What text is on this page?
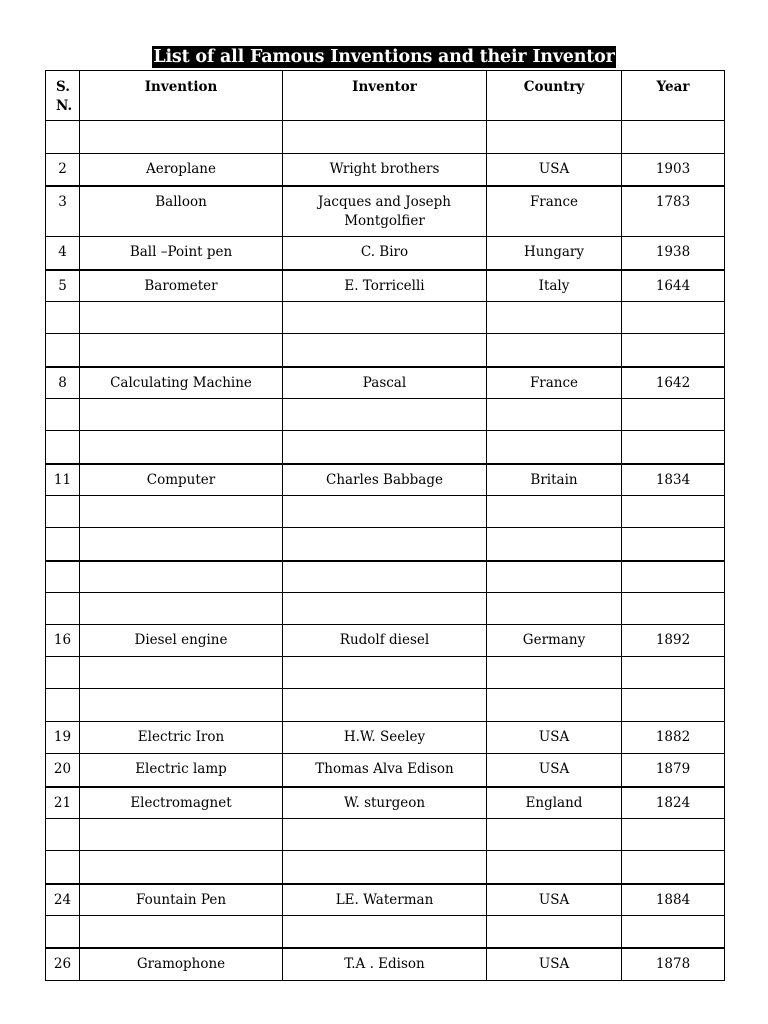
List of all Famous Inventions and their Inventor
S. N.	Invention	Inventor	Country	Year

2	Aeroplane	Wright brothers	USA	1903
3	Balloon	Jacques and Joseph Montgolfier	France	1783
4	Ball –Point pen	C. Biro	Hungary	1938
5	Barometer	E. Torricelli	Italy	1644

8	Calculating Machine	Pascal	France	1642

11	Computer	Charles Babbage	Britain	1834

16	Diesel engine	Rudolf diesel	Germany	1892

19	Electric Iron	H.W. Seeley	USA	1882
20	Electric lamp	Thomas Alva Edison	USA	1879
21	Electromagnet	W. sturgeon	England	1824

24	Fountain Pen	LE. Waterman	USA	1884

26	Gramophone	T.A . Edison	USA	1878
